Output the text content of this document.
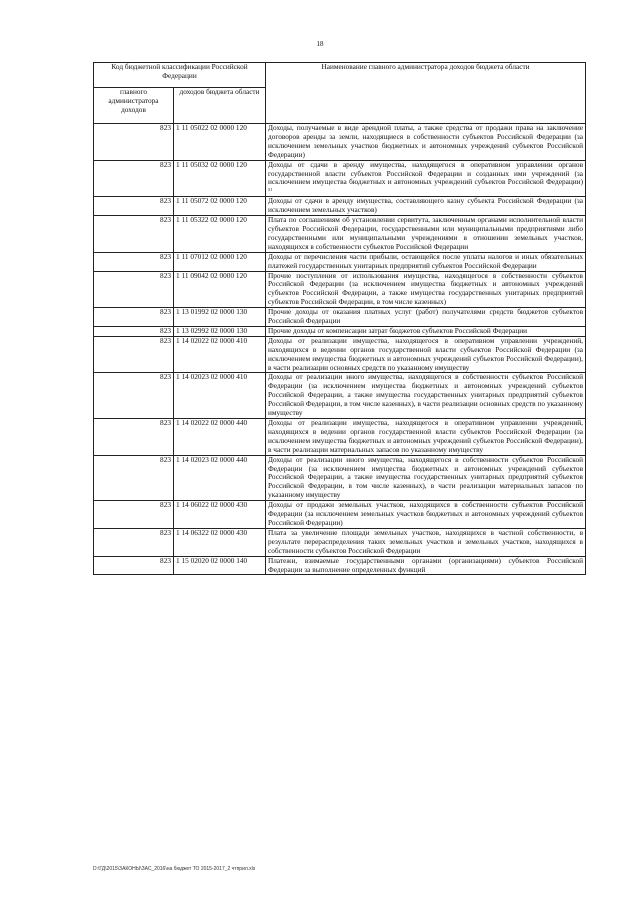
18
Код бюджетной классификации Российской Федерации		Наименование главного администратора доходов бюджета области
главного администратора доходов	доходов бюджета области	
823	1 11 05022 02 0000 120	Доходы, получаемые в виде арендной платы, а также средства от продажи права на заключение договоров аренды за земли, находящиеся в собственности субъектов Российской Федерации (за исключением земельных участков бюджетных и автономных учреждений субъектов Российской Федерации)
823	1 11 05032 02 0000 120	Доходы от сдачи в аренду имущества, находящегося в оперативном управлении органов государственной власти субъектов Российской Федерации и созданных ими учреждений (за исключением имущества бюджетных и автономных учреждений субъектов Российской Федерации) ¹⁾
823	1 11 05072 02 0000 120	Доходы от сдачи в аренду имущества, составляющего казну субъекта Российской Федерации (за исключением земельных участков)
823	1 11 05322 02 0000 120	Плата по соглашениям об установлении сервитута, заключенным органами исполнительной власти субъектов Российской Федерации, государственными или муниципальными предприятиями либо государственными или муниципальными учреждениями в отношении земельных участков, находящихся в собственности субъектов Российской Федерации
823	1 11 07012 02 0000 120	Доходы от перечисления части прибыли, остающейся после уплаты налогов и иных обязательных платежей государственных унитарных предприятий субъектов Российской Федерации
823	1 11 09042 02 0000 120	Прочие поступления от использования имущества, находящегося в собственности субъектов Российской Федерации (за исключением имущества бюджетных и автономных учреждений субъектов Российской Федерации, а также имущества государственных унитарных предприятий субъектов Российской Федерации, в том числе казенных)
823	1 13 01992 02 0000 130	Прочие доходы от оказания платных услуг (работ) получателями средств бюджетов субъектов Российской Федерации
823	1 13 02992 02 0000 130	Прочие доходы от компенсации затрат бюджетов субъектов Российской Федерации
823	1 14 02022 02 0000 410	Доходы от реализации имущества, находящегося в оперативном управлении учреждений, находящихся в ведении органов государственной власти субъектов Российской Федерации (за исключением имущества бюджетных и автономных учреждений субъектов Российской Федерации), в части реализации основных средств по указанному имуществу
823	1 14 02023 02 0000 410	Доходы от реализации иного имущества, находящегося в собственности субъектов Российской Федерации (за исключением имущества бюджетных и автономных учреждений субъектов Российской Федерации, а также имущества государственных унитарных предприятий субъектов Российской Федерации, в том числе казенных), в части реализации основных средств по указанному имуществу
823	1 14 02022 02 0000 440	Доходы от реализации имущества, находящегося в оперативном управлении учреждений, находящихся в ведении органов государственной власти субъектов Российской Федерации (за исключением имущества бюджетных и автономных учреждений субъектов Российской Федерации), в части реализации материальных запасов по указанному имуществу
823	1 14 02023 02 0000 440	Доходы от реализации иного имущества, находящегося в собственности субъектов Российской Федерации (за исключением имущества бюджетных и автономных учреждений субъектов Российской Федерации, а также имущества государственных унитарных предприятий субъектов Российской Федерации, в том числе казенных), в части реализации материальных запасов по указанному имуществу
823	1 14 06022 02 0000 430	Доходы от продажи земельных участков, находящихся в собственности субъектов Российской Федерации (за исключением земельных участков бюджетных и автономных учреждений субъектов Российской Федерации)
823	1 14 06322 02 0000 430	Плата за увеличение площади земельных участков, находящихся в частной собственности, в результате перераспределения таких земельных участков и земельных участков, находящихся в собственности субъектов Российской Федерации
823	1 15 02020 02 0000 140	Платежи, взимаемые государственными органами (организациями) субъектов Российской Федерации за выполнение определенных функций
D:\ГД\2015\ЗАКОНЫ\ЗАС_2016\на бюджет ТО 2015-2017_2 чтприл.xls
